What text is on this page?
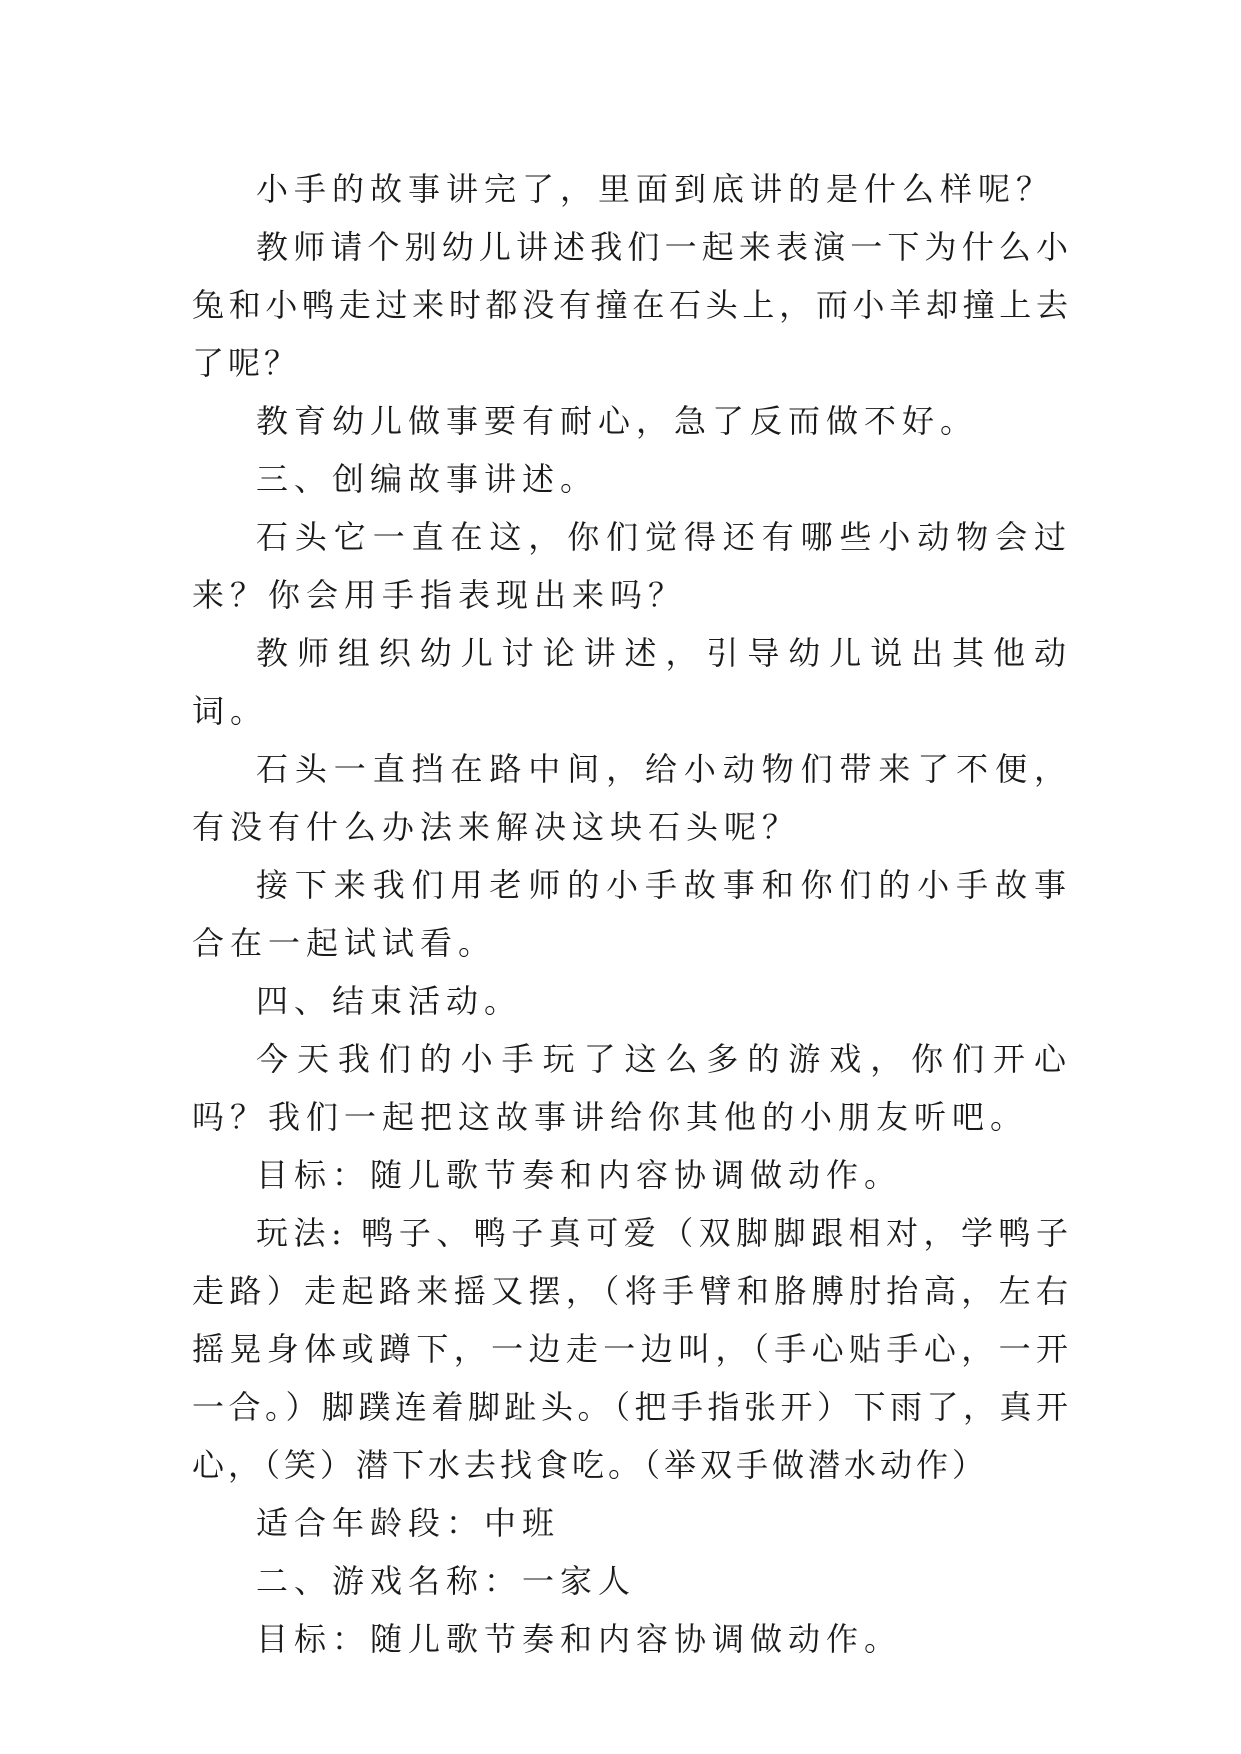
小手的故事讲完了，里面到底讲的是什么样呢？

教师请个别幼儿讲述我们一起来表演一下为什么小兔和小鸭走过来时都没有撞在石头上，而小羊却撞上去了呢？

教育幼儿做事要有耐心，急了反而做不好。

三、创编故事讲述。

石头它一直在这，你们觉得还有哪些小动物会过来？你会用手指表现出来吗？

教师组织幼儿讨论讲述，引导幼儿说出其他动词。

石头一直挡在路中间，给小动物们带来了不便，有没有什么办法来解决这块石头呢？

接下来我们用老师的小手故事和你们的小手故事合在一起试试看。

四、结束活动。

今天我们的小手玩了这么多的游戏，你们开心吗？我们一起把这故事讲给你其他的小朋友听吧。

目标：随儿歌节奏和内容协调做动作。

玩法: 鸭子、鸭子真可爱（双脚脚跟相对，学鸭子走路）走起路来摇又摆，（将手臂和胳膊肘抬高，左右摇晃身体或蹲下，一边走一边叫，（手心贴手心，一开一合。）脚蹼连着脚趾头。（把手指张开）下雨了，真开心，（笑）潜下水去找食吃。（举双手做潜水动作）

适合年龄段：中班

二、游戏名称：一家人

目标：随儿歌节奏和内容协调做动作。
